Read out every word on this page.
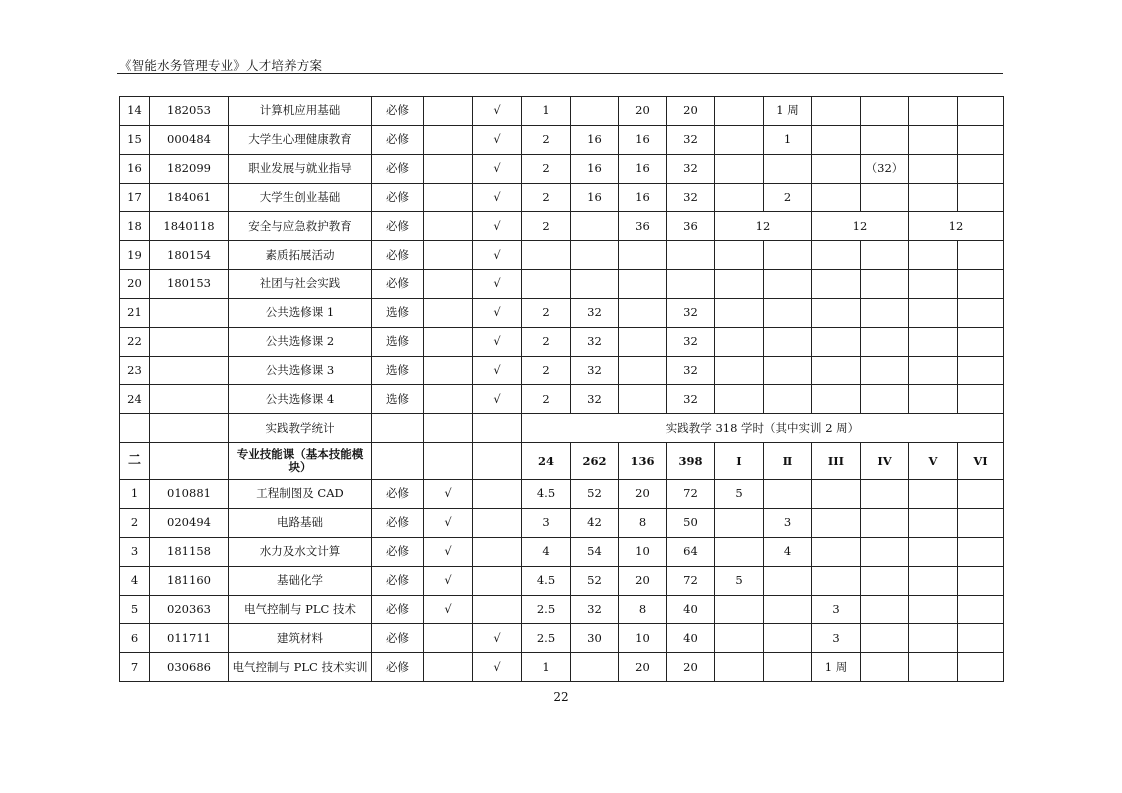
《智能水务管理专业》人才培养方案
14	182053	计算机应用基础	必修		√	1		20	20		1 周				
15	000484	大学生心理健康教育	必修		√	2	16	16	32		1				
16	182099	职业发展与就业指导	必修		√	2	16	16	32				（32）		
17	184061	大学生创业基础	必修		√	2	16	16	32		2				
18	1840118	安全与应急救护教育	必修		√	2		36	36	12		12		12	
19	180154	素质拓展活动	必修		√										
20	180153	社团与社会实践	必修		√										
21		公共选修课 1	选修		√	2	32		32						
22		公共选修课 2	选修		√	2	32		32						
23		公共选修课 3	选修		√	2	32		32						
24		公共选修课 4	选修		√	2	32		32						
		实践教学统计				实践教学 318 学时（其中实训 2 周）									
二		专业技能课（基本技能模块）				24	262	136	398	Ⅰ	Ⅱ	III	IV	V	VI
1	010881	工程制图及 CAD	必修	√		4.5	52	20	72	5					
2	020494	电路基础	必修	√		3	42	8	50		3				
3	181158	水力及水文计算	必修	√		4	54	10	64		4				
4	181160	基础化学	必修	√		4.5	52	20	72	5					
5	020363	电气控制与 PLC 技术	必修	√		2.5	32	8	40			3			
6	011711	建筑材料	必修		√	2.5	30	10	40			3			
7	030686	电气控制与 PLC 技术实训	必修		√	1		20	20			1 周			
22
